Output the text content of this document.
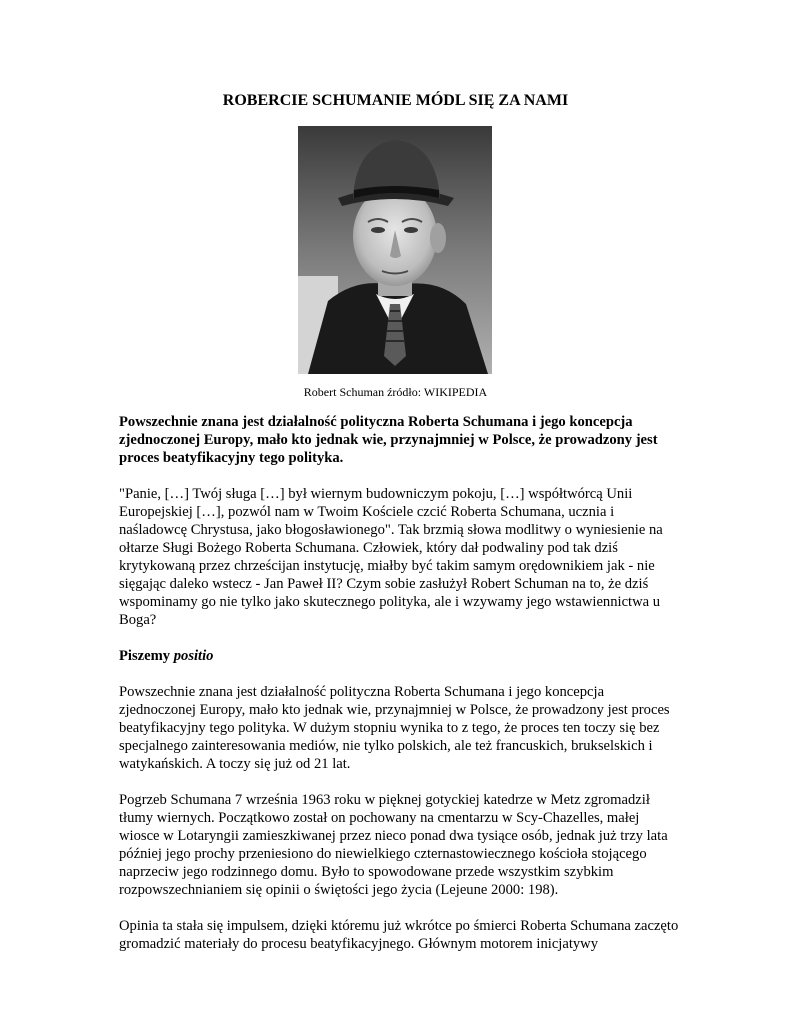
ROBERCIE SCHUMANIE MÓDL SIĘ ZA NAMI
Robert Schuman źródło: WIKIPEDIA

Powszechnie znana jest działalność polityczna Roberta Schumana i jego koncepcja zjednoczonej Europy, mało kto jednak wie, przynajmniej w Polsce, że prowadzony jest proces beatyfikacyjny tego polityka.

"Panie, […] Twój sługa […] był wiernym budowniczym pokoju, […] współtwórcą Unii Europejskiej […], pozwól nam w Twoim Kościele czcić Roberta Schumana, ucznia i naśladowcę Chrystusa, jako błogosławionego". Tak brzmią słowa modlitwy o wyniesienie na ołtarze Sługi Bożego Roberta Schumana. Człowiek, który dał podwaliny pod tak dziś krytykowaną przez chrześcijan instytucję, miałby być takim samym orędownikiem jak - nie sięgając daleko wstecz - Jan Paweł II? Czym sobie zasłużył Robert Schuman na to, że dziś wspominamy go nie tylko jako skutecznego polityka, ale i wzywamy jego wstawiennictwa u Boga?

Piszemy positio

Powszechnie znana jest działalność polityczna Roberta Schumana i jego koncepcja zjednoczonej Europy, mało kto jednak wie, przynajmniej w Polsce, że prowadzony jest proces beatyfikacyjny tego polityka. W dużym stopniu wynika to z tego, że proces ten toczy się bez specjalnego zainteresowania mediów, nie tylko polskich, ale też francuskich, brukselskich i watykańskich. A toczy się już od 21 lat.

Pogrzeb Schumana 7 września 1963 roku w pięknej gotyckiej katedrze w Metz zgromadził tłumy wiernych. Początkowo został on pochowany na cmentarzu w Scy-Chazelles, małej wiosce w Lotaryngii zamieszkiwanej przez nieco ponad dwa tysiące osób, jednak już trzy lata później jego prochy przeniesiono do niewielkiego czternastowiecznego kościoła stojącego naprzeciw jego rodzinnego domu. Było to spowodowane przede wszystkim szybkim rozpowszechnianiem się opinii o świętości jego życia (Lejeune 2000: 198).

Opinia ta stała się impulsem, dzięki któremu już wkrótce po śmierci Roberta Schumana zaczęto gromadzić materiały do procesu beatyfikacyjnego. Głównym motorem inicjatywy
